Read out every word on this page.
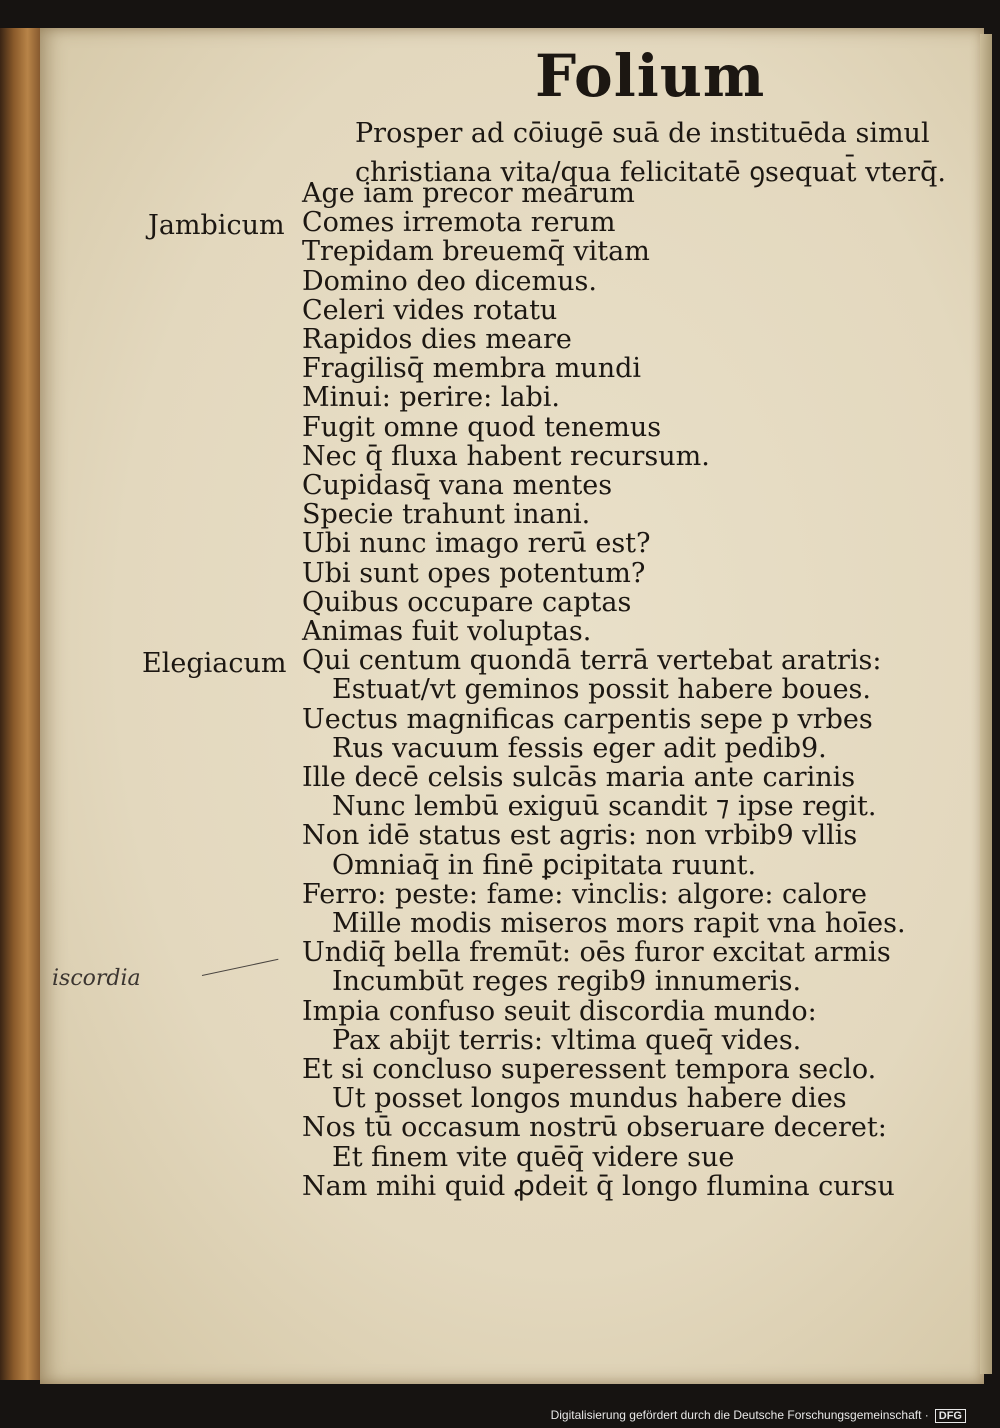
Folium
Prosper ad cōiugē suā de instituēda simul
christiana vita/qua felicitatē ꝯsequat̄ vterq̄.
Jambicum
Elegiacum
Age iam precor mearum
Comes irremota rerum
Trepidam breuemq̄ vitam
Domino deo dicemus.
Celeri vides rotatu
Rapidos dies meare
Fragilisq̄ membra mundi
Minui: perire: labi.
Fugit omne quod tenemus
Nec q̄ fluxa habent recursum.
Cupidasq̄ vana mentes
Specie trahunt inani.
Ubi nunc imago rerū est?
Ubi sunt opes potentum?
Quibus occupare captas
Animas fuit voluptas.
Qui centum quondā terrā vertebat aratris:
Estuat/vt geminos possit habere boues.
Uectus magnificas carpentis sepe p vrbes
Rus vacuum fessis eger adit pedib9.
Ille decē celsis sulcās maria ante carinis
Nunc lembū exiguū scandit ⁊ ipse regit.
Non idē status est agris: non vrbib9 vllis
Omniaq̄ in finē ꝑcipitata ruunt.
Ferro: peste: fame: vinclis: algore: calore
Mille modis miseros mors rapit vna hoīes.
Undiq̄ bella fremūt: oēs furor excitat armis
Incumbūt reges regib9 innumeris.
Impia confuso seuit discordia mundo:
Pax abijt terris: vltima queq̄ vides.
Et si concluso superessent tempora seclo.
Ut posset longos mundus habere dies
Nos tū occasum nostrū obseruare deceret:
Et finem vite quēq̄ videre sue
Nam mihi quid ꝓdeit q̄ longo flumina cursu
iscordia
Digitalisierung gefördert durch die Deutsche Forschungsgemeinschaft · DFG
